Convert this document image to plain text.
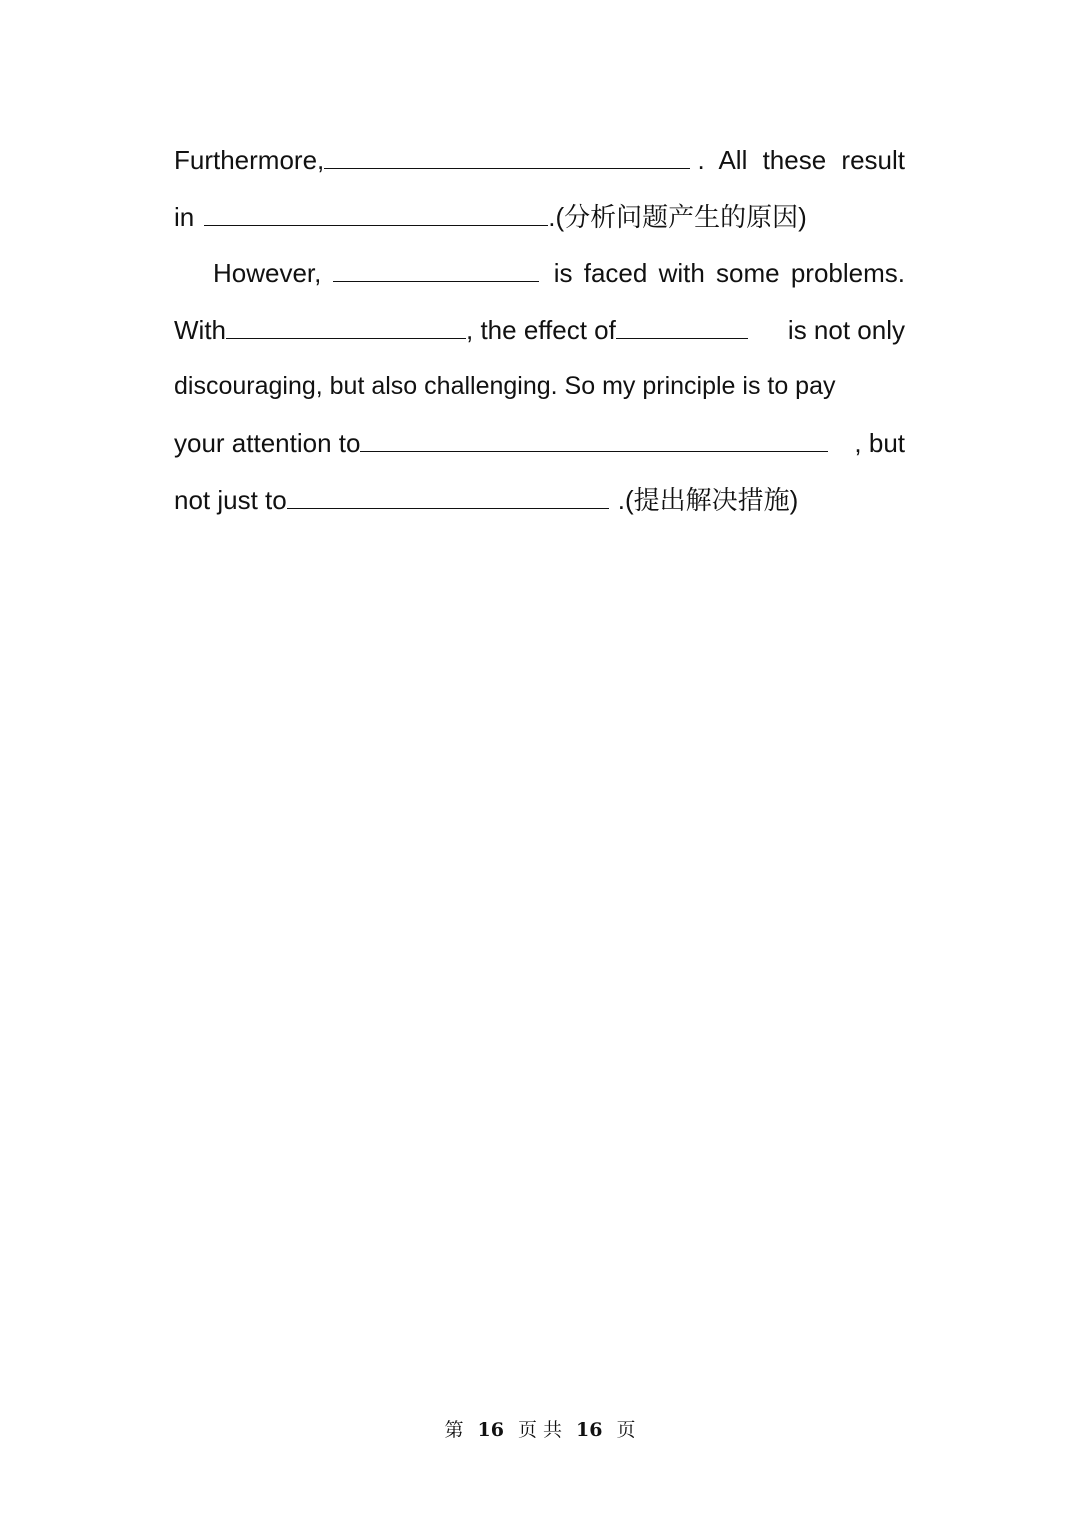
Furthermore,	. All these result
in	.(分析问题产生的原因)
However,	is faced with some problems.
With	, the effect of	is not only
discouraging, but also challenging. So my principle is to pay
your attention to	, but
not just to	.(提出解决措施)
第 16 页 共 16 页
